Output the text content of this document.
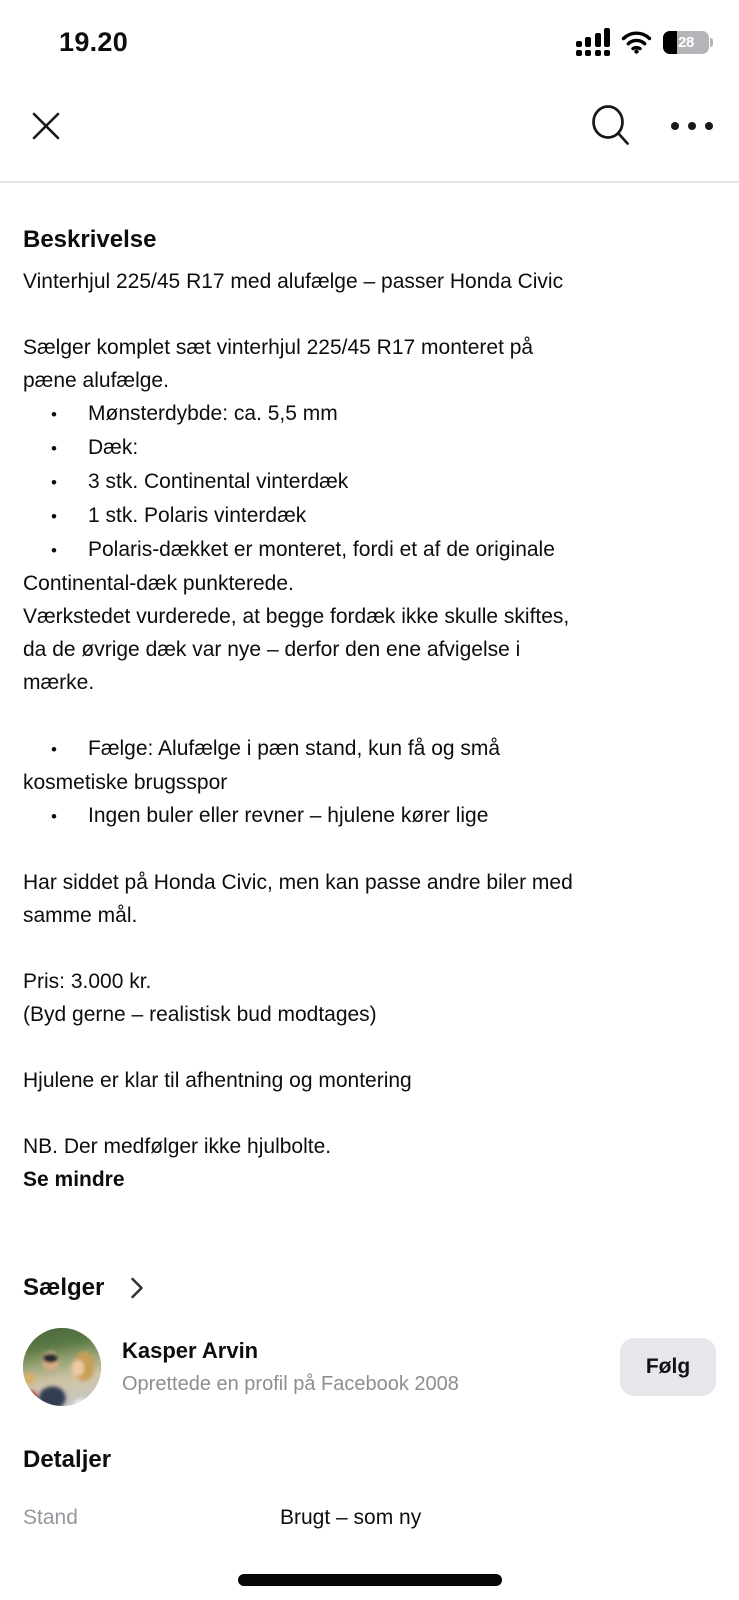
19.20	28
Beskrivelse
Vinterhjul 225/45 R17 med alufælge – passer Honda Civic

Sælger komplet sæt vinterhjul 225/45 R17 monteret på
pæne alufælge.
• Mønsterdybde: ca. 5,5 mm
• Dæk:
• 3 stk. Continental vinterdæk
• 1 stk. Polaris vinterdæk
• Polaris-dækket er monteret, fordi et af de originale
Continental-dæk punkterede.
Værkstedet vurderede, at begge fordæk ikke skulle skiftes,
da de øvrige dæk var nye – derfor den ene afvigelse i
mærke.

• Fælge: Alufælge i pæn stand, kun få og små
kosmetiske brugsspor
• Ingen buler eller revner – hjulene kører lige

Har siddet på Honda Civic, men kan passe andre biler med
samme mål.

Pris: 3.000 kr.
(Byd gerne – realistisk bud modtages)

Hjulene er klar til afhentning og montering

NB. Der medfølger ikke hjulbolte.
Se mindre
Sælger
Kasper Arvin
Oprettede en profil på Facebook 2008
Følg
Detaljer
Stand	Brugt – som ny
